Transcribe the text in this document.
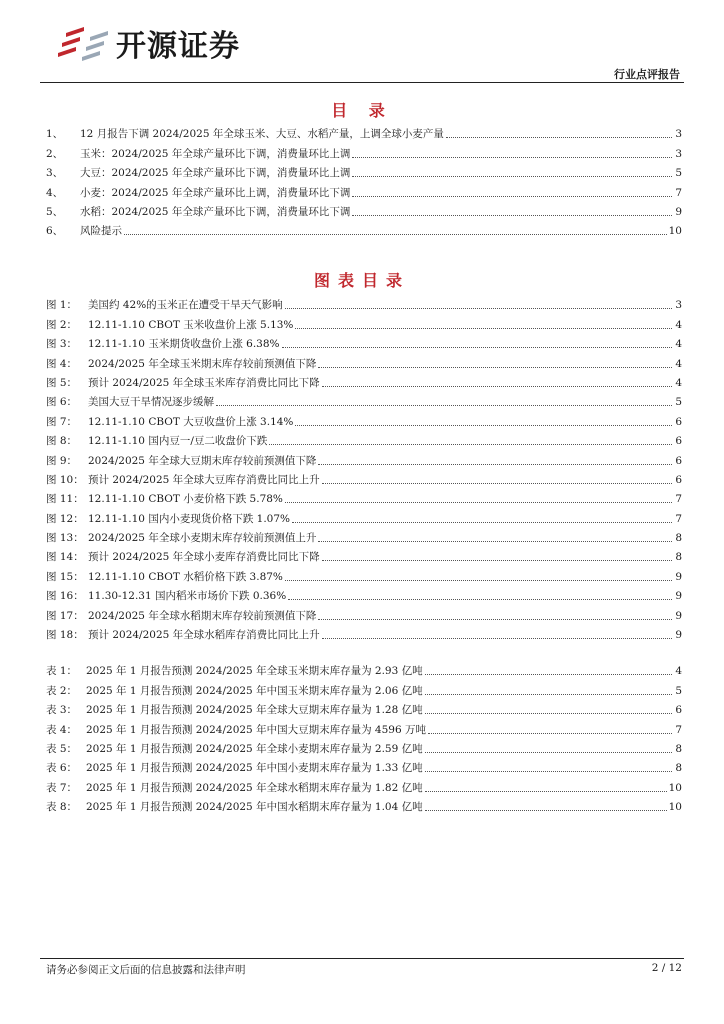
开源证券
行业点评报告
目 录
1、	12 月报告下调 2024/2025 年全球玉米、大豆、水稻产量，上调全球小麦产量	3
2、	玉米：2024/2025 年全球产量环比下调，消费量环比上调	3
3、	大豆：2024/2025 年全球产量环比下调，消费量环比上调	5
4、	小麦：2024/2025 年全球产量环比上调，消费量环比下调	7
5、	水稻：2024/2025 年全球产量环比下调，消费量环比下调	9
6、	风险提示	10
图表目录
图 1：	美国约 42%的玉米正在遭受干旱天气影响	3
图 2：	12.11-1.10 CBOT 玉米收盘价上涨 5.13%	4
图 3：	12.11-1.10 玉米期货收盘价上涨 6.38%	4
图 4：	2024/2025 年全球玉米期末库存较前预测值下降	4
图 5：	预计 2024/2025 年全球玉米库存消费比同比下降	4
图 6：	美国大豆干旱情况逐步缓解	5
图 7：	12.11-1.10 CBOT 大豆收盘价上涨 3.14%	6
图 8：	12.11-1.10 国内豆一/豆二收盘价下跌	6
图 9：	2024/2025 年全球大豆期末库存较前预测值下降	6
图 10： 预计 2024/2025 年全球大豆库存消费比同比上升	6
图 11： 12.11-1.10 CBOT 小麦价格下跌 5.78%	7
图 12： 12.11-1.10 国内小麦现货价格下跌 1.07%	7
图 13： 2024/2025 年全球小麦期末库存较前预测值上升	8
图 14： 预计 2024/2025 年全球小麦库存消费比同比下降	8
图 15： 12.11-1.10 CBOT 水稻价格下跌 3.87%	9
图 16： 11.30-12.31 国内稻米市场价下跌 0.36%	9
图 17： 2024/2025 年全球水稻期末库存较前预测值下降	9
图 18： 预计 2024/2025 年全球水稻库存消费比同比上升	9
表 1： 2025 年 1 月报告预测 2024/2025 年全球玉米期末库存量为 2.93 亿吨	4
表 2： 2025 年 1 月报告预测 2024/2025 年中国玉米期末库存量为 2.06 亿吨	5
表 3： 2025 年 1 月报告预测 2024/2025 年全球大豆期末库存量为 1.28 亿吨	6
表 4： 2025 年 1 月报告预测 2024/2025 年中国大豆期末库存量为 4596 万吨	7
表 5： 2025 年 1 月报告预测 2024/2025 年全球小麦期末库存量为 2.59 亿吨	8
表 6： 2025 年 1 月报告预测 2024/2025 年中国小麦期末库存量为 1.33 亿吨	8
表 7： 2025 年 1 月报告预测 2024/2025 年全球水稻期末库存量为 1.82 亿吨	10
表 8： 2025 年 1 月报告预测 2024/2025 年中国水稻期末库存量为 1.04 亿吨	10
请务必参阅正文后面的信息披露和法律声明	2 / 12
